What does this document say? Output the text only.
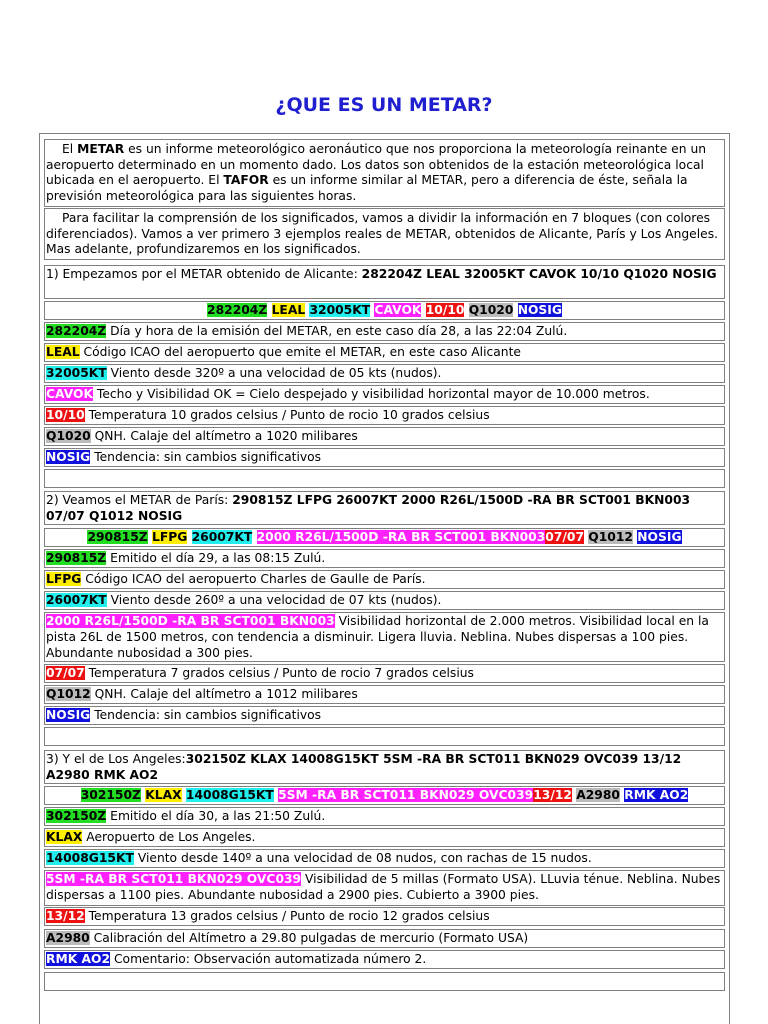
¿QUE ES UN METAR?
El METAR es un informe meteorológico aeronáutico que nos proporciona la meteorología reinante en un aeropuerto determinado en un momento dado. Los datos son obtenidos de la estación meteorológica local ubicada en el aeropuerto. El TAFOR es un informe similar al METAR, pero a diferencia de éste, señala la previsión meteorológica para las siguientes horas.
Para facilitar la comprensión de los significados, vamos a dividir la información en 7 bloques (con colores diferenciados). Vamos a ver primero 3 ejemplos reales de METAR, obtenidos de Alicante, París y Los Angeles. Mas adelante, profundizaremos en los significados.
1) Empezamos por el METAR obtenido de Alicante: 282204Z LEAL 32005KT CAVOK 10/10 Q1020 NOSIG
282204Z LEAL 32005KT CAVOK 10/10 Q1020 NOSIG
282204Z Día y hora de la emisión del METAR, en este caso día 28, a las 22:04 Zulú.
LEAL Código ICAO del aeropuerto que emite el METAR, en este caso Alicante
32005KT Viento desde 320º a una velocidad de 05 kts (nudos).
CAVOK Techo y Visibilidad OK = Cielo despejado y visibilidad horizontal mayor de 10.000 metros.
10/10 Temperatura 10 grados celsius / Punto de rocio 10 grados celsius
Q1020 QNH. Calaje del altímetro a 1020 milibares
NOSIG Tendencia: sin cambios significativos
2) Veamos el METAR de París: 290815Z LFPG 26007KT 2000 R26L/1500D -RA BR SCT001 BKN003 07/07 Q1012 NOSIG
290815Z LFPG 26007KT 2000 R26L/1500D -RA BR SCT001 BKN00307/07 Q1012 NOSIG
290815Z Emitido el día 29, a las 08:15 Zulú.
LFPG Código ICAO del aeropuerto Charles de Gaulle de París.
26007KT Viento desde 260º a una velocidad de 07 kts (nudos).
2000 R26L/1500D -RA BR SCT001 BKN003 Visibilidad horizontal de 2.000 metros. Visibilidad local en la pista 26L de 1500 metros, con tendencia a disminuir. Ligera lluvia. Neblina. Nubes dispersas a 100 pies. Abundante nubosidad a 300 pies.
07/07 Temperatura 7 grados celsius / Punto de rocio 7 grados celsius
Q1012 QNH. Calaje del altímetro a 1012 milibares
NOSIG Tendencia: sin cambios significativos
3) Y el de Los Angeles:302150Z KLAX 14008G15KT 5SM -RA BR SCT011 BKN029 OVC039 13/12 A2980 RMK AO2
302150Z KLAX 14008G15KT 5SM -RA BR SCT011 BKN029 OVC03913/12 A2980 RMK AO2
302150Z Emitido el día 30, a las 21:50 Zulú.
KLAX Aeropuerto de Los Angeles.
14008G15KT Viento desde 140º a una velocidad de 08 nudos, con rachas de 15 nudos.
5SM -RA BR SCT011 BKN029 OVC039 Visibilidad de 5 millas (Formato USA). LLuvia ténue. Neblina. Nubes dispersas a 1100 pies. Abundante nubosidad a 2900 pies. Cubierto a 3900 pies.
13/12 Temperatura 13 grados celsius / Punto de rocio 12 grados celsius
A2980 Calibración del Altímetro a 29.80 pulgadas de mercurio (Formato USA)
RMK AO2 Comentario: Observación automatizada número 2.
